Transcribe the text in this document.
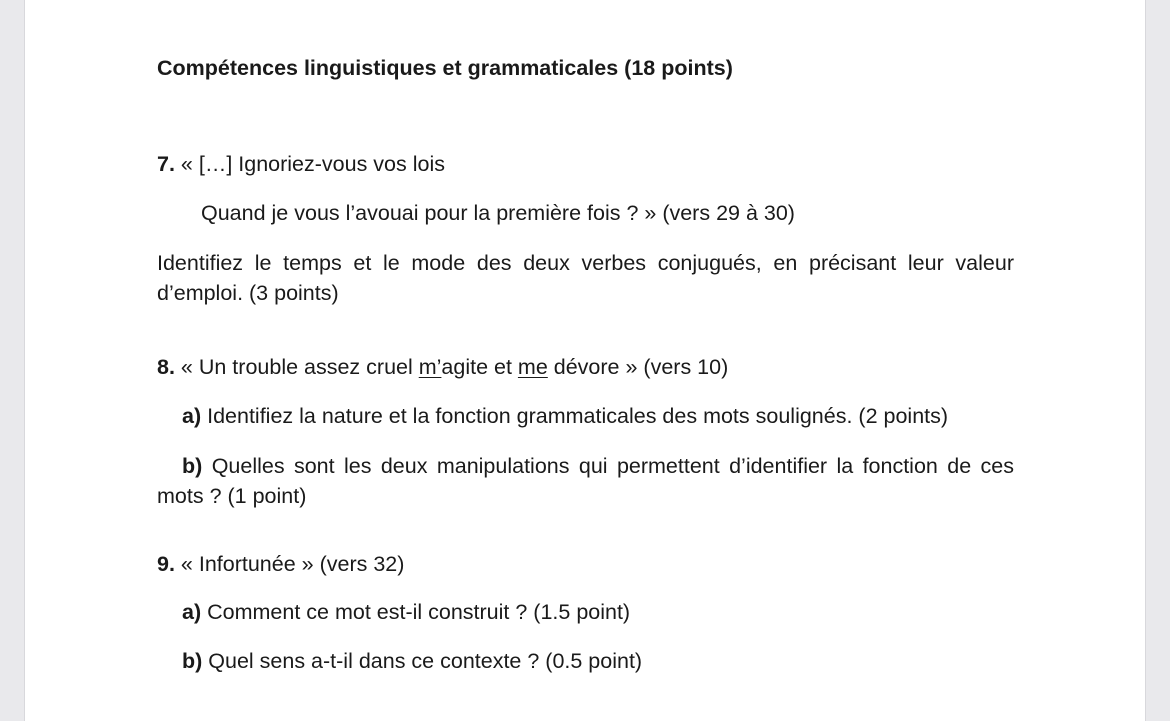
Compétences linguistiques et grammaticales (18 points)

7. « […] Ignoriez-vous vos lois

Quand je vous l’avouai pour la première fois ? » (vers 29 à 30)

Identifiez le temps et le mode des deux verbes conjugués, en précisant leur valeur d’emploi. (3 points)

8. « Un trouble assez cruel m’agite et me dévore » (vers 10)

a) Identifiez la nature et la fonction grammaticales des mots soulignés. (2 points)

b) Quelles sont les deux manipulations qui permettent d’identifier la fonction de ces mots ? (1 point)

9. « Infortunée » (vers 32)

a) Comment ce mot est-il construit ? (1.5 point)

b) Quel sens a-t-il dans ce contexte ? (0.5 point)
